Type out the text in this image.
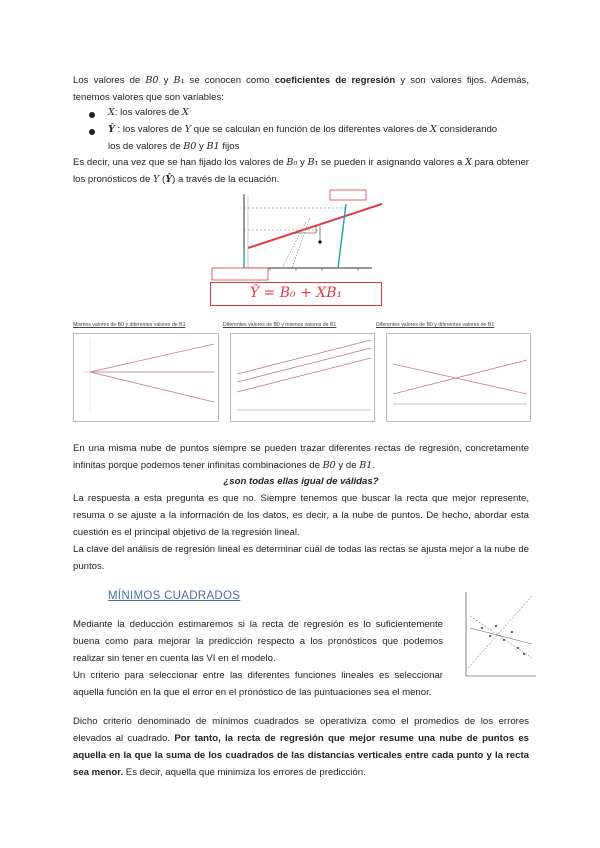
Los valores de B0 y B₁ se conocen como coeficientes de regresión y son valores fijos. Además, tenemos valores que son variables:

X: los valores de X
Ŷ : los valores de Y que se calculan en función de los diferentes valores de X considerando
los de valores de B0 y B1 fijos

Es decir, una vez que se han fijado los valores de B₀ y B₁ se pueden ir asignando valores a X para obtener los pronósticos de Y (Ŷ) a través de la ecuación.

Ŷ = B₀ + XB₁
Mismos valores de B0 y diferentes valores de B1	Diferentes valores de B0 y mismos valores de B1	Diferentes valores de B0 y diferentes valores de B1

En una misma nube de puntos siempre se pueden trazar diferentes rectas de regresión, concretamente infinitas porque podemos tener infinitas combinaciones de B0 y de B1.

¿son todas ellas igual de válidas?

La respuesta a esta pregunta es que no. Siempre tenemos que buscar la recta que mejor represente, resuma o se ajuste a la información de los datos, es decir, a la nube de puntos. De hecho, abordar esta cuestión es el principal objetivo de la regresión lineal.

La clave del análisis de regresión lineal es determinar cuál de todas las rectas se ajusta mejor a la nube de puntos.

MÍNIMOS CUADRADOS

Mediante la deducción estimaremos si la recta de regresión es lo suficientemente buena como para mejorar la predicción respecto a los pronósticos que podemos realizar sin tener en cuenta las VI en el modelo.

Un criterio para seleccionar entre las diferentes funciones lineales es seleccionar aquella función en la que el error en el pronóstico de las puntuaciones sea el menor.

Dicho criterio denominado de mínimos cuadrados se operativiza como el promedios de los errores elevados al cuadrado. Por tanto, la recta de regresión que mejor resume una nube de puntos es aquella en la que la suma de los cuadrados de las distancias verticales entre cada punto y la recta sea menor. Es decir, aquella que minimiza los errores de predicción.
